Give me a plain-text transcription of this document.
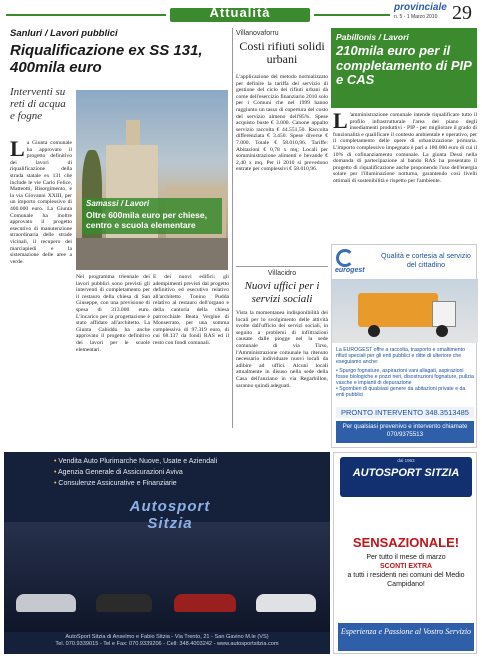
Attualità	provinciale
n. 5 - 1 Marzo 2010 29
Sanluri / Lavori pubblici
Riqualificazione ex SS 131, 400mila euro
Interventi su reti di acqua e fogne
La Giunta comunale ha approvato il progetto definitivo dei lavori di riqualificazione della strada statale ex 131 che include le vie Carlo Felice, Matteotti, Risorgimento, e la via Giovanni XXIII, per un importo complessivo di 400.000 euro. La Giunta Comunale ha inoltre approvato il progetto esecutivo di manutenzione straordinaria delle strade vicinali, il recupero dei marciapiedi e la sistemazione delle aree a verde.
Samassi / Lavori
Oltre 600mila euro per chiese, centro e scuola elementare
Nel programma triennale dei lavori pubblici sono previsti gli interventi di completamento per il restauro della chiesa di San Giuseppe, con una previsione di spesa di 313.000 euro. L'incarico per la progettazione è stato affidato all'architetto. La Giunta Cabiddu ha anche approvato il progetto definitivo dei lavori per le scuole elementari.
E dei nuovi edifici: gli adempimenti previsti dal progetto definitivo ed esecutivo relativo all'architetto Tonino Pudda relativo al restauro dell'organo e della cantoria della chiesa parrocchiale Beata Vergine di Monserrato, per una somma complessiva di 97.319 euro, di cui 68.137 da fondi RAS ed il resto con fondi comunali.
Villanovaforru
Costi rifiuti solidi urbani
L'applicazione del metodo normalizzato per definire la tariffa del servizio di gestione del ciclo dei rifiuti urbani dà come dell'esercizio finanziario 2010 solo per i Comuni che nel 1999 hanno raggiunto un tasso di copertura del costo del servizio almeno dell'85%. Spese acquisto buste € 3.000. Canone appalto servizio raccolta € 44.551,50. Raccolta differenziata € 3.450. Spese diverse € 7.000. Totale € 58.010,96. Tariffe: Abitazioni € 0,78 x mq; Locali per somministrazione alimenti e bevande € 2,40 x mq. Per il 2010 si prevedono entrate per complessivi € 58.010,96.
Villacidro
Nuovi uffici per i servizi sociali
Vista la momentanea indisponibilità dei locali per lo svolgimento delle attività svolte dall'ufficio dei servizi sociali, in seguito a problemi di infiltrazioni causate dalle piogge nel la sede comunale di via Tirso, l'Amministrazione comunale ha ritenuto necessario individuare nuovi locali da adibire ad uffici. Alcuni locali attualmente in disuso nella sede della Casa dell'anziano in via Regarbillon, saranno quindi adeguati.
Pabillonis / Lavori
210mila euro per il completamento di PIP e CAS
L 'amministrazione comunale intende riqualificare tutto il profilo infrastrutturale l'area del piano degli insediamenti produttivi - PIP - per migliorare il grado di funzionalità e qualificare il contesto ambientale e operativo, per il completamento delle opere di urbanizzazione primaria. L'importo complessivo impegnato è pari a 180.000 euro di cui il 10% di cofinanziamento comunale. La giunta Dessì nella domanda di partecipazione al bando RAS ha presentato il progetto di riqualificazione anche proponendo l'uso dell'energia solare per l'illuminazione notturna, garantendo così livelli ottimali di sostenibilità e rispetto per l'ambiente.
eurogest
Qualità e cortesia al servizio del cittadino
La EUROGEST offre a raccolta, trasporto e smaltimento rifiuti speciali per gli enti pubblici e ditte di ulteriore che eseguiamo anche:
• Spurgo fognature, aspirazioni vani allagati, aspirazioni fosse biologiche e pozzi neri, disostruzioni fognature, pulizia vasche e impianti di depurazione
• Sgomberi di qualsiasi genere da abitazioni private e da enti pubblici
PRONTO INTERVENTO 348.3513485
Per qualsiasi prevenivo e intervento chiamate 070/9375513
• Vendita Auto Plurimarche Nuove, Usate e Aziendali
• Agenzia Generale di Assicurazioni Aviva
• Consulenze Assicurative e Finanziarie
Autosport Sitzia
AutoSport Sitzia di Anselmo e Fabio Sitzia - Via Trento, 21 - San Gavino M.le (VS)
Tel. 070.9339015 - Tel e Fax: 070.9339206 - Cell: 348.4003242 - www.autosportsitzia.com
dal 1963
AUTOSPORT SITZIA
SENSAZIONALE!
Per tutto il mese di marzo
SCONTI EXTRA
a tutti i residenti nei comuni del Medio Campidano!
Esperienza e Passione al Vostro Servizio
